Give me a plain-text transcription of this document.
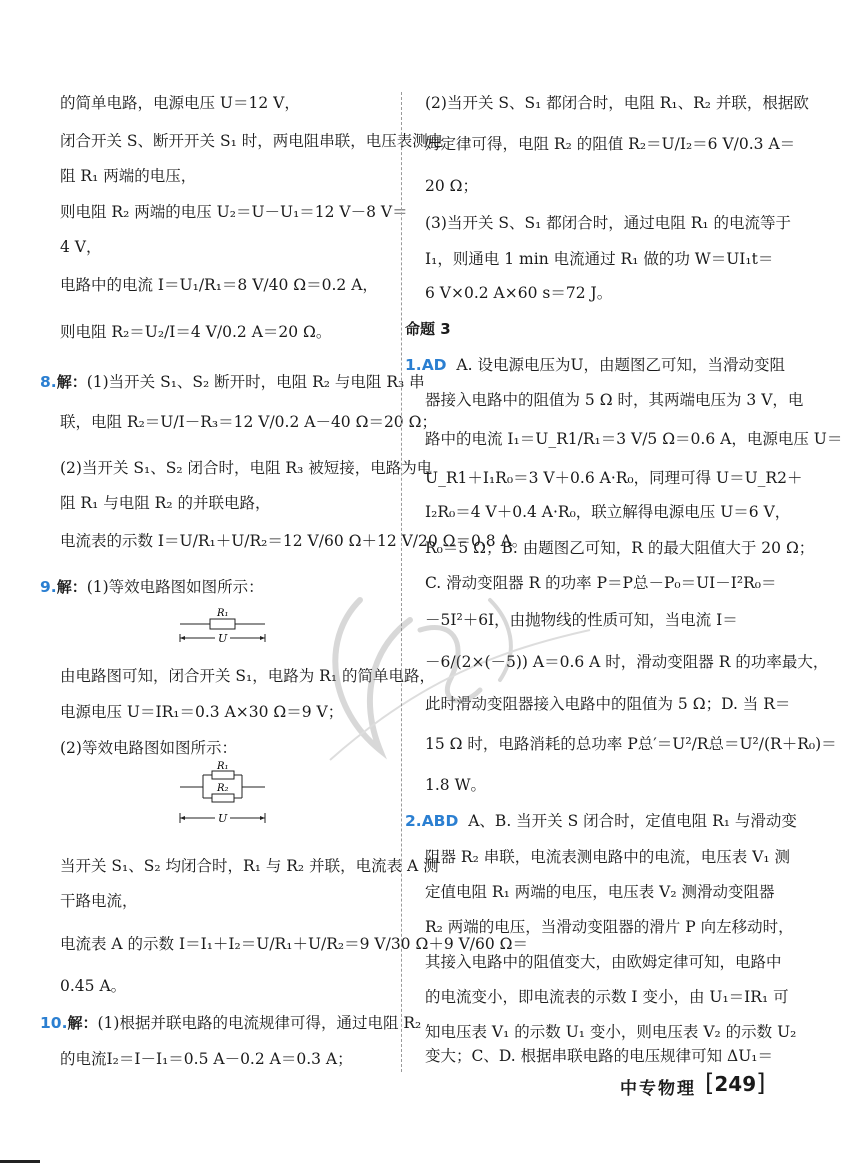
的简单电路，电源电压 U＝12 V，
闭合开关 S、断开开关 S₁ 时，两电阻串联，电压表测电
阻 R₁ 两端的电压，
则电阻 R₂ 两端的电压 U₂＝U－U₁＝12 V－8 V＝
4 V，
电路中的电流 I＝U₁/R₁＝8 V/40 Ω＝0.2 A，
则电阻 R₂＝U₂/I＝4 V/0.2 A＝20 Ω。
8.解：(1)当开关 S₁、S₂ 断开时，电阻 R₂ 与电阻 R₃ 串
联，电阻 R₂＝U/I－R₃＝12 V/0.2 A－40 Ω＝20 Ω；
(2)当开关 S₁、S₂ 闭合时，电阻 R₃ 被短接，电路为电
阻 R₁ 与电阻 R₂ 的并联电路，
电流表的示数 I＝U/R₁＋U/R₂＝12 V/60 Ω＋12 V/20 Ω＝0.8 A。
9.解：(1)等效电路图如图所示：
R₁
U
由电路图可知，闭合开关 S₁，电路为 R₁ 的简单电路，
电源电压 U＝IR₁＝0.3 A×30 Ω＝9 V；
(2)等效电路图如图所示：
R₁
R₂
U
当开关 S₁、S₂ 均闭合时，R₁ 与 R₂ 并联，电流表 A 测
干路电流，
电流表 A 的示数 I＝I₁＋I₂＝U/R₁＋U/R₂＝9 V/30 Ω＋9 V/60 Ω＝
0.45 A。
10.解：(1)根据并联电路的电流规律可得，通过电阻 R₂
的电流I₂＝I－I₁＝0.5 A－0.2 A＝0.3 A；
(2)当开关 S、S₁ 都闭合时，电阻 R₁、R₂ 并联，根据欧
姆定律可得，电阻 R₂ 的阻值 R₂＝U/I₂＝6 V/0.3 A＝
20 Ω；
(3)当开关 S、S₁ 都闭合时，通过电阻 R₁ 的电流等于
I₁，则通电 1 min 电流通过 R₁ 做的功 W＝UI₁t＝
6 V×0.2 A×60 s＝72 J。
命题 3
1.AD A. 设电源电压为U，由题图乙可知，当滑动变阻
器接入电路中的阻值为 5 Ω 时，其两端电压为 3 V，电
路中的电流 I₁＝U_R1/R₁＝3 V/5 Ω＝0.6 A，电源电压 U＝
U_R1＋I₁R₀＝3 V＋0.6 A·R₀，同理可得 U＝U_R2＋
I₂R₀＝4 V＋0.4 A·R₀，联立解得电源电压 U＝6 V，
R₀＝5 Ω；B. 由题图乙可知，R 的最大阻值大于 20 Ω；
C. 滑动变阻器 R 的功率 P＝P总－P₀＝UI－I²R₀＝
－5I²＋6I，由抛物线的性质可知，当电流 I＝
－6/(2×(－5)) A＝0.6 A 时，滑动变阻器 R 的功率最大，
此时滑动变阻器接入电路中的阻值为 5 Ω；D. 当 R＝
15 Ω 时，电路消耗的总功率 P总′＝U²/R总＝U²/(R＋R₀)＝
1.8 W。
2.ABD A、B. 当开关 S 闭合时，定值电阻 R₁ 与滑动变
阻器 R₂ 串联，电流表测电路中的电流，电压表 V₁ 测
定值电阻 R₁ 两端的电压，电压表 V₂ 测滑动变阻器
R₂ 两端的电压，当滑动变阻器的滑片 P 向左移动时，
其接入电路中的阻值变大，由欧姆定律可知，电路中
的电流变小，即电流表的示数 I 变小，由 U₁＝IR₁ 可
知电压表 V₁ 的示数 U₁ 变小，则电压表 V₂ 的示数 U₂
变大；C、D. 根据串联电路的电压规律可知 ΔU₁＝
中专物理 [249]
